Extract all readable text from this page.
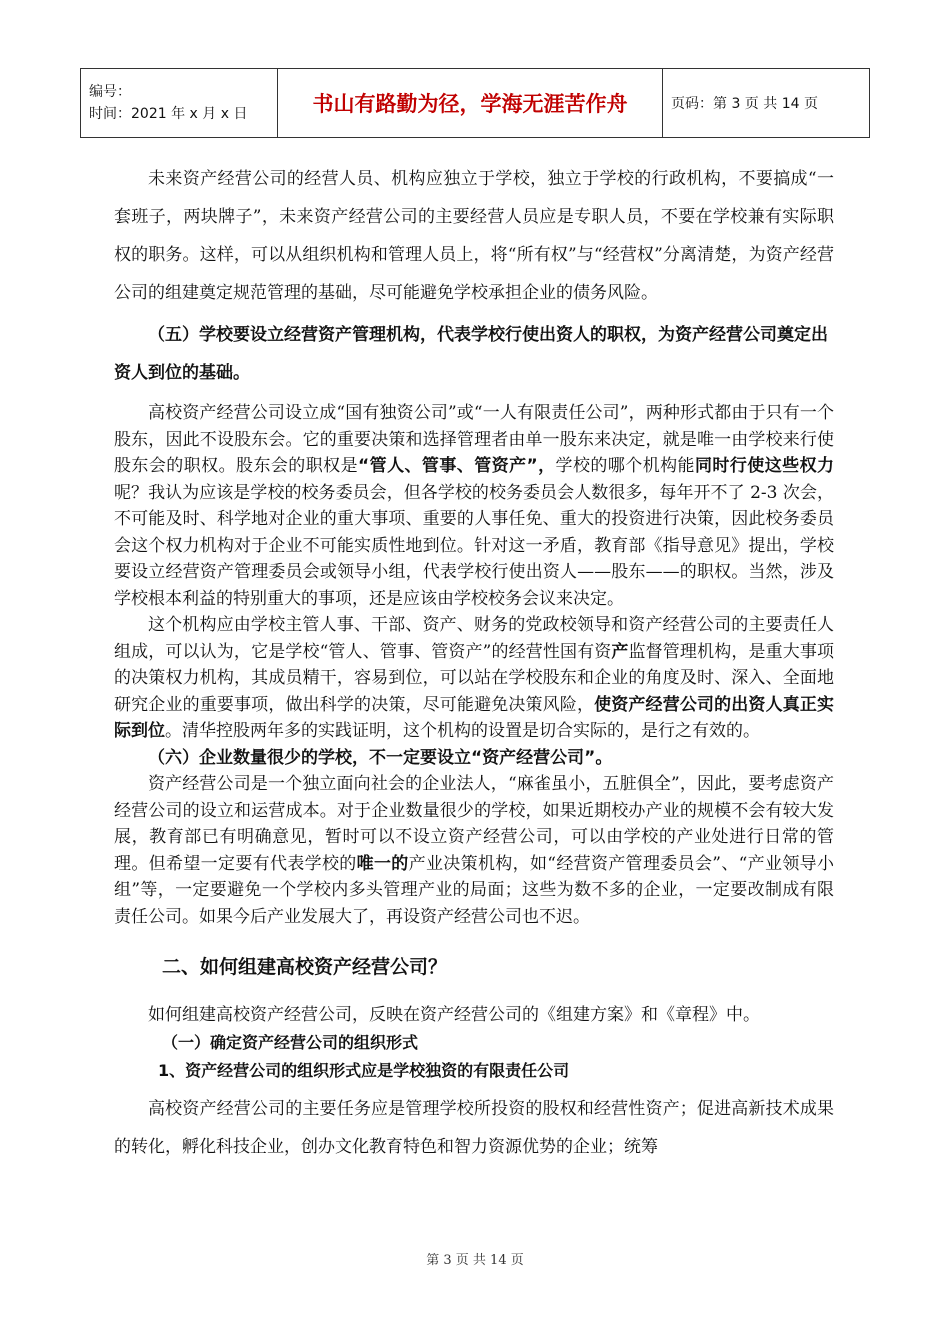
编号：
时间：2021 年 x 月 x 日	书山有路勤为径，学海无涯苦作舟	页码：第 3 页 共 14 页

未来资产经营公司的经营人员、机构应独立于学校，独立于学校的行政机构，不要搞成“一套班子，两块牌子”，未来资产经营公司的主要经营人员应是专职人员，不要在学校兼有实际职权的职务。这样，可以从组织机构和管理人员上，将“所有权”与“经营权”分离清楚，为资产经营公司的组建奠定规范管理的基础，尽可能避免学校承担企业的债务风险。

（五）学校要设立经营资产管理机构，代表学校行使出资人的职权，为资产经营公司奠定出资人到位的基础。

高校资产经营公司设立成“国有独资公司”或“一人有限责任公司”，两种形式都由于只有一个股东，因此不设股东会。它的重要决策和选择管理者由单一股东来决定，就是唯一由学校来行使股东会的职权。股东会的职权是“管人、管事、管资产”，学校的哪个机构能同时行使这些权力呢？我认为应该是学校的校务委员会，但各学校的校务委员会人数很多，每年开不了 2-3 次会，不可能及时、科学地对企业的重大事项、重要的人事任免、重大的投资进行决策，因此校务委员会这个权力机构对于企业不可能实质性地到位。针对这一矛盾，教育部《指导意见》提出，学校要设立经营资产管理委员会或领导小组，代表学校行使出资人——股东——的职权。当然，涉及学校根本利益的特别重大的事项，还是应该由学校校务会议来决定。

这个机构应由学校主管人事、干部、资产、财务的党政校领导和资产经营公司的主要责任人组成，可以认为，它是学校“管人、管事、管资产”的经营性国有资产监督管理机构，是重大事项的决策权力机构，其成员精干，容易到位，可以站在学校股东和企业的角度及时、深入、全面地研究企业的重要事项，做出科学的决策，尽可能避免决策风险，使资产经营公司的出资人真正实际到位。清华控股两年多的实践证明，这个机构的设置是切合实际的，是行之有效的。

（六）企业数量很少的学校，不一定要设立“资产经营公司”。

资产经营公司是一个独立面向社会的企业法人，“麻雀虽小，五脏俱全”，因此，要考虑资产经营公司的设立和运营成本。对于企业数量很少的学校，如果近期校办产业的规模不会有较大发展，教育部已有明确意见，暂时可以不设立资产经营公司，可以由学校的产业处进行日常的管理。但希望一定要有代表学校的唯一的产业决策机构，如“经营资产管理委员会”、“产业领导小组”等，一定要避免一个学校内多头管理产业的局面；这些为数不多的企业，一定要改制成有限责任公司。如果今后产业发展大了，再设资产经营公司也不迟。

二、如何组建高校资产经营公司？

如何组建高校资产经营公司，反映在资产经营公司的《组建方案》和《章程》中。

（一）确定资产经营公司的组织形式

1、资产经营公司的组织形式应是学校独资的有限责任公司

高校资产经营公司的主要任务应是管理学校所投资的股权和经营性资产；促进高新技术成果的转化，孵化科技企业，创办文化教育特色和智力资源优势的企业；统筹

第 3 页 共 14 页
